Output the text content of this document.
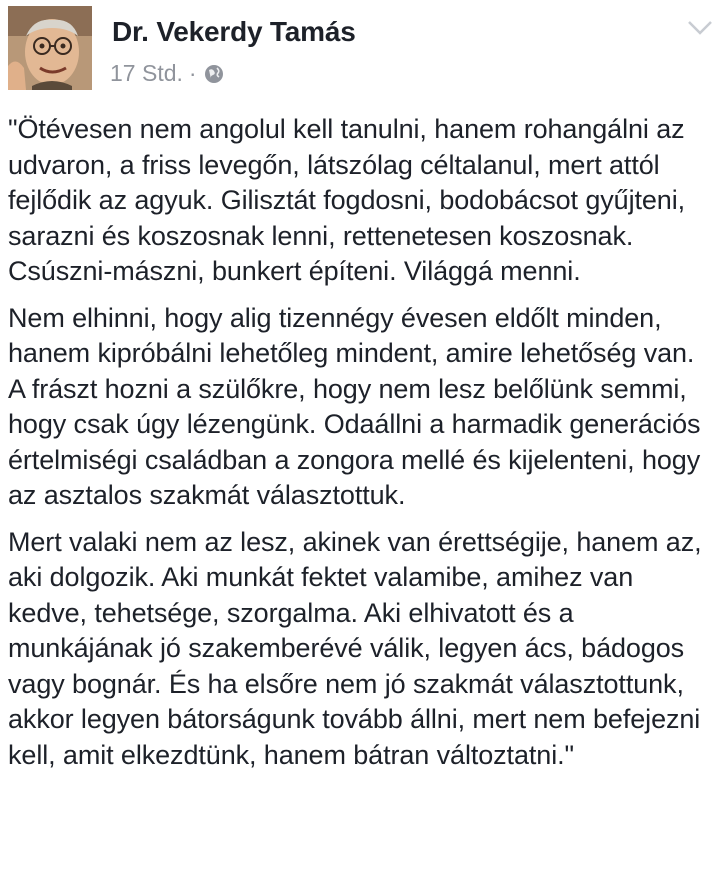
Dr. Vekerdy Tamás
17 Std. ·

"Ötévesen nem angolul kell tanulni, hanem rohangálni az udvaron, a friss levegőn, látszólag céltalanul, mert attól fejlődik az agyuk. Gilisztát fogdosni, bodobácsot gyűjteni, sarazni és koszosnak lenni, rettenetesen koszosnak. Csúszni-mászni, bunkert építeni. Világgá menni.

Nem elhinni, hogy alig tizennégy évesen eldőlt minden, hanem kipróbálni lehetőleg mindent, amire lehetőség van. A frászt hozni a szülőkre, hogy nem lesz belőlünk semmi, hogy csak úgy lézengünk. Odaállni a harmadik generációs értelmiségi családban a zongora mellé és kijelenteni, hogy az asztalos szakmát választottuk.

Mert valaki nem az lesz, akinek van érettségije, hanem az, aki dolgozik. Aki munkát fektet valamibe, amihez van kedve, tehetsége, szorgalma. Aki elhivatott és a munkájának jó szakemberévé válik, legyen ács, bádogos vagy bognár. És ha elsőre nem jó szakmát választottunk, akkor legyen bátorságunk tovább állni, mert nem befejezni kell, amit elkezdtünk, hanem bátran változtatni."
